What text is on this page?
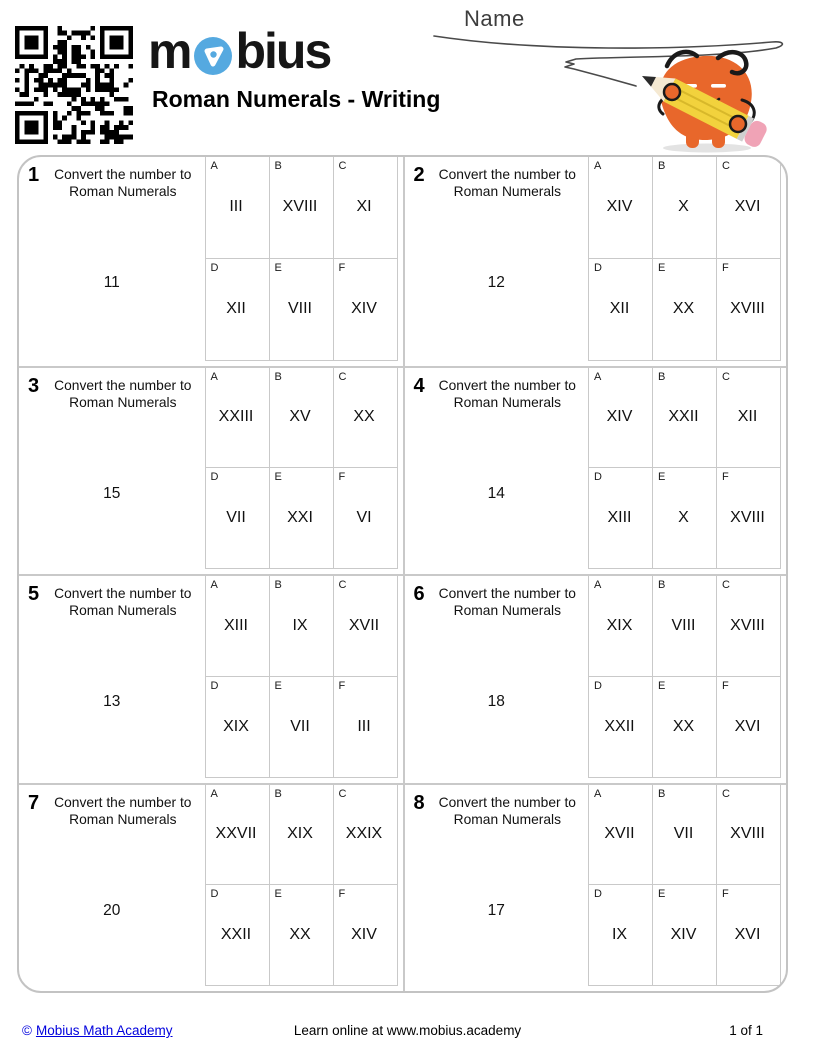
m bius
Roman Numerals - Writing
Name
1	Convert the number to
Roman Numerals
11
A
III
B
XVIII
C
XI
D
XII
E
VIII
F
XIV
2	Convert the number to
Roman Numerals
12
A
XIV
B
X
C
XVI
D
XII
E
XX
F
XVIII
3	Convert the number to
Roman Numerals
15
A
XXIII
B
XV
C
XX
D
VII
E
XXI
F
VI
4	Convert the number to
Roman Numerals
14
A
XIV
B
XXII
C
XII
D
XIII
E
X
F
XVIII
5	Convert the number to
Roman Numerals
13
A
XIII
B
IX
C
XVII
D
XIX
E
VII
F
III
6	Convert the number to
Roman Numerals
18
A
XIX
B
VIII
C
XVIII
D
XXII
E
XX
F
XVI
7	Convert the number to
Roman Numerals
20
A
XXVII
B
XIX
C
XXIX
D
XXII
E
XX
F
XIV
8	Convert the number to
Roman Numerals
17
A
XVII
B
VII
C
XVIII
D
IX
E
XIV
F
XVI
Learn online at www.mobius.academy
© Mobius Math Academy	1 of 1
